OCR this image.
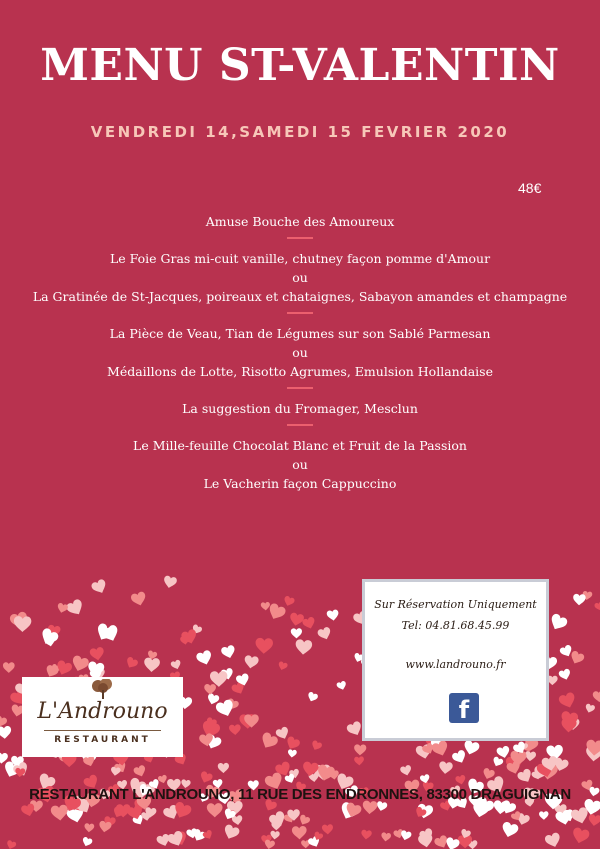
MENU ST-VALENTIN
VENDREDI 14,SAMEDI 15 FEVRIER 2020
48€
Amuse Bouche des Amoureux
Le Foie Gras mi-cuit vanille, chutney façon pomme d'Amour
ou
La Gratinée de St-Jacques, poireaux et chataignes, Sabayon amandes et champagne
La Pièce de Veau, Tian de Légumes sur son Sablé Parmesan
ou
Médaillons de Lotte, Risotto Agrumes, Emulsion Hollandaise
La suggestion du Fromager, Mesclun
Le Mille-feuille Chocolat Blanc et Fruit de la Passion
ou
Le Vacherin façon Cappuccino
L'Androuno
RESTAURANT
Sur Réservation Uniquement
Tel: 04.81.68.45.99
www.landrouno.fr
f
RESTAURANT L'ANDROUNO, 11 RUE DES ENDRONNES, 83300 DRAGUIGNAN
